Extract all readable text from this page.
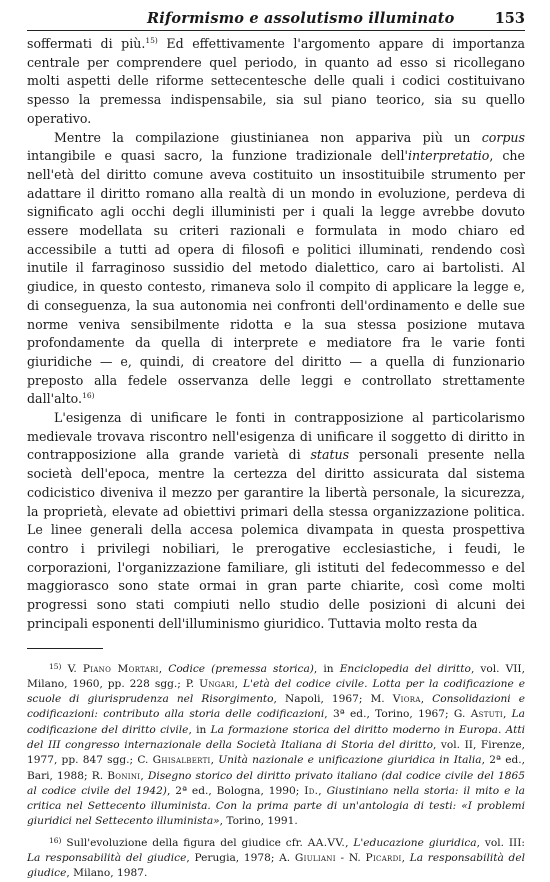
Riformismo e assolutismo illuminato	153

soffermati di più.$^{15)}$ Ed effettivamente l'argomento appare di importanza centrale per comprendere quel periodo, in quanto ad esso si ricollegano molti aspetti delle riforme settecentesche delle quali i codici costituivano spesso la premessa indispensabile, sia sul piano teorico, sia su quello operativo.

Mentre la compilazione giustinianea non appariva più un corpus intangibile e quasi sacro, la funzione tradizionale dell'interpretatio, che nell'età del diritto comune aveva costituito un insostituibile strumento per adattare il diritto romano alla realtà di un mondo in evoluzione, perdeva di significato agli occhi degli illuministi per i quali la legge avrebbe dovuto essere modellata su criteri razionali e formulata in modo chiaro ed accessibile a tutti ad opera di filosofi e politici illuminati, rendendo così inutile il farraginoso sussidio del metodo dialettico, caro ai bartolisti. Al giudice, in questo contesto, rimaneva solo il compito di applicare la legge e, di conseguenza, la sua autonomia nei confronti dell'ordinamento e delle sue norme veniva sensibilmente ridotta e la sua stessa posizione mutava profondamente da quella di interprete e mediatore fra le varie fonti giuridiche — e, quindi, di creatore del diritto — a quella di funzionario preposto alla fedele osservanza delle leggi e controllato strettamente dall'alto.$^{16)}$

L'esigenza di unificare le fonti in contrapposizione al particolarismo medievale trovava riscontro nell'esigenza di unificare il soggetto di diritto in contrapposizione alla grande varietà di status personali presente nella società dell'epoca, mentre la certezza del diritto assicurata dal sistema codicistico diveniva il mezzo per garantire la libertà personale, la sicurezza, la proprietà, elevate ad obiettivi primari della stessa organizzazione politica. Le linee generali della accesa polemica divampata in questa prospettiva contro i privilegi nobiliari, le prerogative ecclesiastiche, i feudi, le corporazioni, l'organizzazione familiare, gli istituti del fedecommesso e del maggiorasco sono state ormai in gran parte chiarite, così come molti progressi sono stati compiuti nello studio delle posizioni di alcuni dei principali esponenti dell'illuminismo giuridico. Tuttavia molto resta da

$^{15)}$ V. Piano Mortari, Codice (premessa storica), in Enciclopedia del diritto, vol. VII, Milano, 1960, pp. 228 sgg.; P. Ungari, L'età del codice civile. Lotta per la codificazione e scuole di giurisprudenza nel Risorgimento, Napoli, 1967; M. Viora, Consolidazioni e codificazioni: contributo alla storia delle codificazioni, 3ª ed., Torino, 1967; G. Astuti, La codificazione del diritto civile, in La formazione storica del diritto moderno in Europa. Atti del III congresso internazionale della Società Italiana di Storia del diritto, vol. II, Firenze, 1977, pp. 847 sgg.; C. Ghisalberti, Unità nazionale e unificazione giuridica in Italia, 2ª ed., Bari, 1988; R. Bonini, Disegno storico del diritto privato italiano (dal codice civile del 1865 al codice civile del 1942), 2ª ed., Bologna, 1990; Id., Giustiniano nella storia: il mito e la critica nel Settecento illuminista. Con la prima parte di un'antologia di testi: «I problemi giuridici nel Settecento illuminista», Torino, 1991.

$^{16)}$ Sull'evoluzione della figura del giudice cfr. AA.VV., L'educazione giuridica, vol. III: La responsabilità del giudice, Perugia, 1978; A. Giuliani - N. Picardi, La responsabilità del giudice, Milano, 1987.
